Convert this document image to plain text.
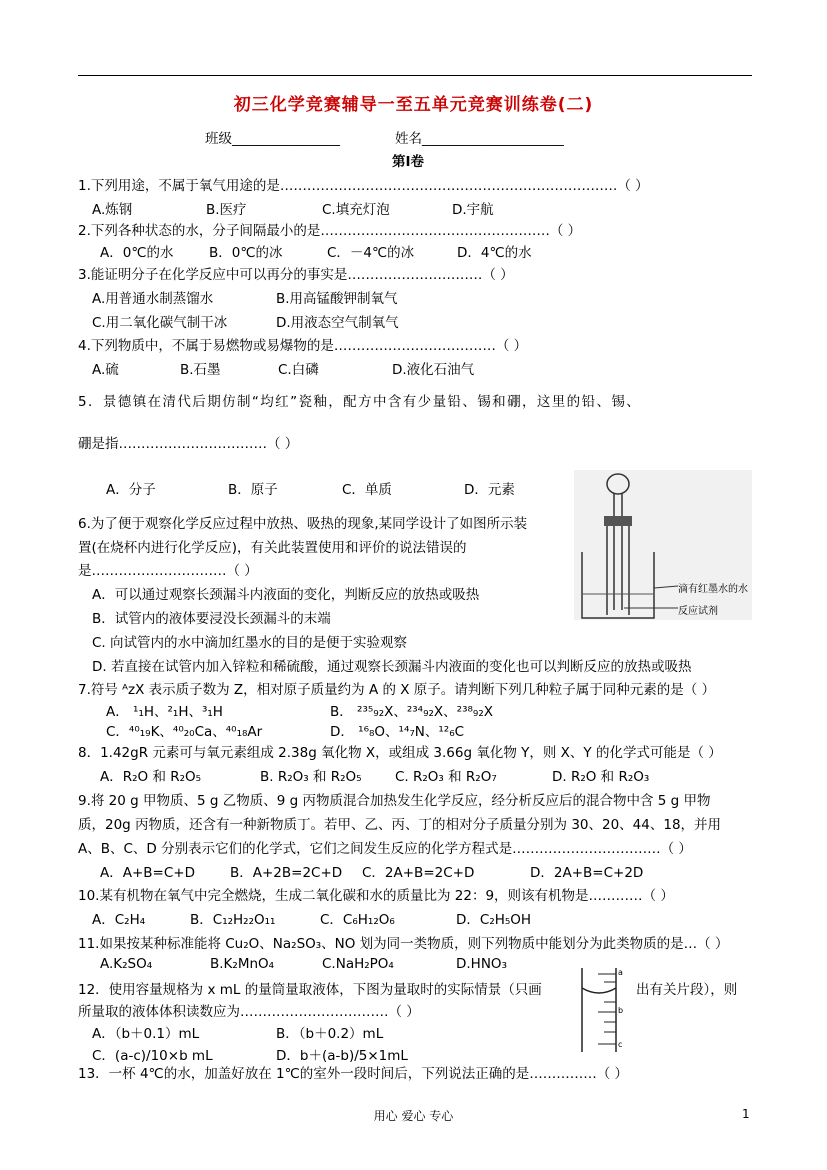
初三化学竞赛辅导一至五单元竞赛训练卷(二)
班级________________	姓名_____________________
第Ⅰ卷
1.下列用途，不属于氧气用途的是…………………………………………………………………（ ）
A.炼钢	B.医疗	C.填充灯泡	D.宇航
2.下列各种状态的水，分子间隔最小的是……………………………………………（ ）
A．0℃的水	B．0℃的冰	C．－4℃的冰	D．4℃的水
3.能证明分子在化学反应中可以再分的事实是…………………………（ ）
A.用普通水制蒸馏水	B.用高锰酸钾制氧气
C.用二氧化碳气制干冰	D.用液态空气制氧气
4.下列物质中，不属于易燃物或易爆物的是………………………………（ ）
A.硫	B.石墨	C.白磷	D.液化石油气
5．景德镇在清代后期仿制“均红”瓷釉，配方中含有少量铅、锡和硼，这里的铅、锡、
硼是指……………………………（ ）
A．分子	B．原子	C．单质	D．元素
6.为了便于观察化学反应过程中放热、吸热的现象,某同学设计了如图所示装
置(在烧杯内进行化学反应)，有关此装置使用和评价的说法错误的
是…………………………（ ）
A．可以通过观察长颈漏斗内液面的变化，判断反应的放热或吸热
B．试管内的液体要浸没长颈漏斗的末端
C. 向试管内的水中滴加红墨水的目的是便于实验观察
D. 若直接在试管内加入锌粒和稀硫酸，通过观察长颈漏斗内液面的变化也可以判断反应的放热或吸热
滴有红墨水的水
反应试剂
7.符号 ᴬzX 表示质子数为 Z，相对原子质量约为 A 的 X 原子。请判断下列几种粒子属于同种元素的是（ ）
A． ¹₁H、²₁H、³₁H	B． ²³⁵₉₂X、²³⁴₉₂X、²³⁸₉₂X
C．⁴⁰₁₉K、⁴⁰₂₀Ca、⁴⁰₁₈Ar	D． ¹⁶₈O、¹⁴₇N、¹²₆C
8．1.42gR 元素可与氧元素组成 2.38g 氧化物 X，或组成 3.66g 氧化物 Y，则 X、Y 的化学式可能是（ ）
A．R₂O 和 R₂O₅	B. R₂O₃ 和 R₂O₅ C. R₂O₃ 和 R₂O₇	D. R₂O 和 R₂O₃
9.将 20 g 甲物质、5 g 乙物质、9 g 丙物质混合加热发生化学反应，经分析反应后的混合物中含 5 g 甲物
质，20g 丙物质，还含有一种新物质丁。若甲、乙、丙、丁的相对分子质量分别为 30、20、44、18，并用
A、B、C、D 分别表示它们的化学式，它们之间发生反应的化学方程式是……………………………（ ）
A．A+B=C+D	B．A+2B=2C+D C．2A+B=2C+D	D．2A+B=C+2D
10.某有机物在氧气中完全燃烧，生成二氧化碳和水的质量比为 22：9，则该有机物是…………（ ）
A．C₂H₄	B．C₁₂H₂₂O₁₁	C．C₆H₁₂O₆	D．C₂H₅OH
11.如果按某种标准能将 Cu₂O、Na₂SO₃、NO 划为同一类物质，则下列物质中能划分为此类物质的是…（ ）
A.K₂SO₄	B.K₂MnO₄	C.NaH₂PO₄	D.HNO₃
12．使用容量规格为 x mL 的量筒量取液体，下图为量取时的实际情景（只画	出有关片段），则
所量取的液体体积读数应为……………………………（ ）
A．（b＋0.1）mL	B．（b＋0.2）mL
C．(a-c)/10×b mL	D．b＋(a-b)/5×1mL
a
b
c
13．一杯 4℃的水，加盖好放在 1℃的室外一段时间后，下列说法正确的是……………（ ）
用心 爱心 专心	1
